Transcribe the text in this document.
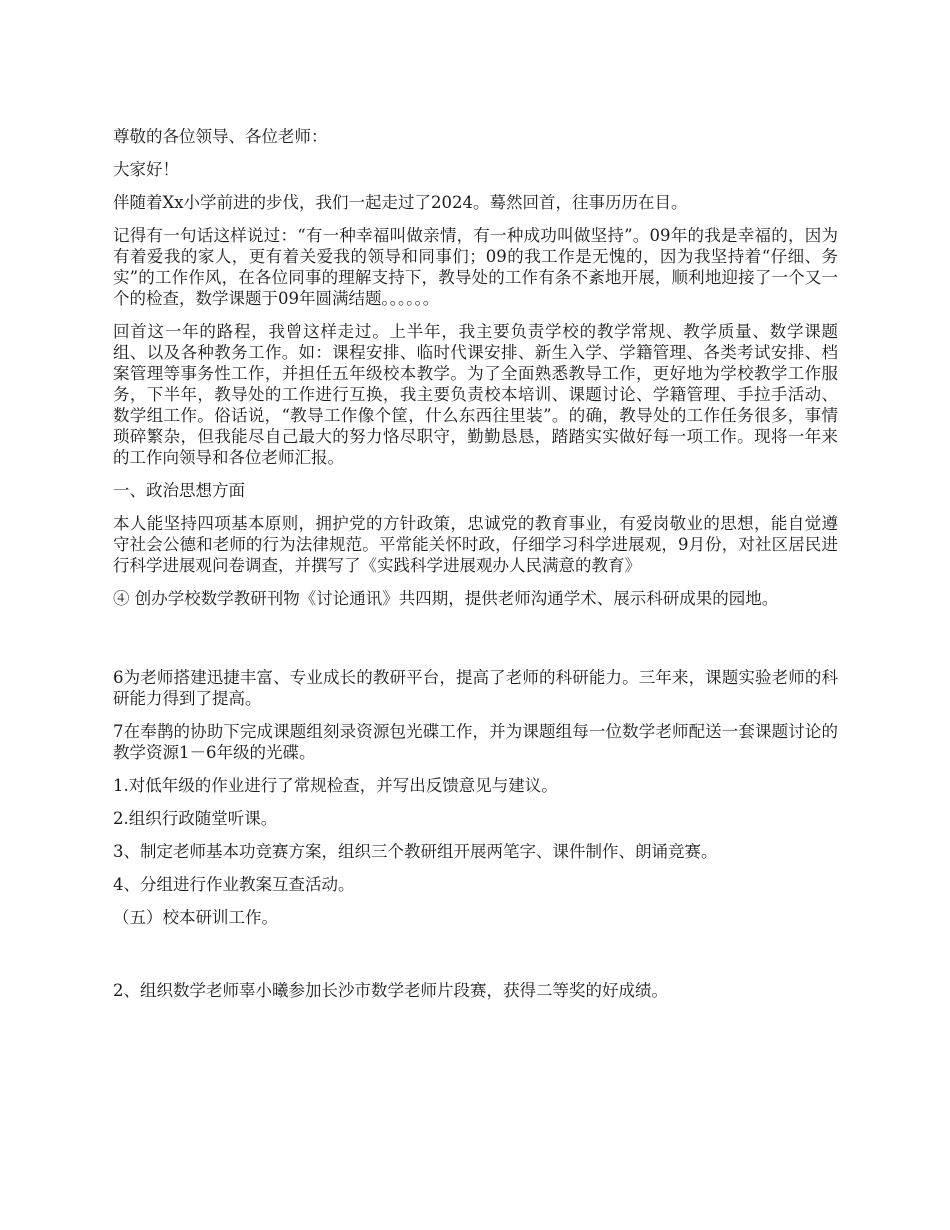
尊敬的各位领导、各位老师：

大家好！

伴随着Xx小学前进的步伐，我们一起走过了2024。蓦然回首，往事历历在目。

记得有一句话这样说过：“有一种幸福叫做亲情，有一种成功叫做坚持”。09年的我是幸福的，因为有着爱我的家人，更有着关爱我的领导和同事们；09的我工作是无愧的，因为我坚持着“仔细、务实”的工作作风，在各位同事的理解支持下，教导处的工作有条不紊地开展，顺利地迎接了一个又一个的检查，数学课题于09年圆满结题。。。。。。

回首这一年的路程，我曾这样走过。上半年，我主要负责学校的教学常规、教学质量、数学课题组、以及各种教务工作。如：课程安排、临时代课安排、新生入学、学籍管理、各类考试安排、档案管理等事务性工作，并担任五年级校本教学。为了全面熟悉教导工作，更好地为学校教学工作服务，下半年，教导处的工作进行互换，我主要负责校本培训、课题讨论、学籍管理、手拉手活动、数学组工作。俗话说，“教导工作像个筐，什么东西往里装”。的确，教导处的工作任务很多，事情琐碎繁杂，但我能尽自己最大的努力恪尽职守，勤勤恳恳，踏踏实实做好每一项工作。现将一年来的工作向领导和各位老师汇报。

一、政治思想方面

本人能坚持四项基本原则，拥护党的方针政策，忠诚党的教育事业，有爱岗敬业的思想，能自觉遵守社会公德和老师的行为法律规范。平常能关怀时政，仔细学习科学进展观，9月份，对社区居民进行科学进展观问卷调查，并撰写了《实践科学进展观办人民满意的教育》

④ 创办学校数学教研刊物《讨论通讯》共四期，提供老师沟通学术、展示科研成果的园地。

6为老师搭建迅捷丰富、专业成长的教研平台，提高了老师的科研能力。三年来，课题实验老师的科研能力得到了提高。

7在奉鹊的协助下完成课题组刻录资源包光碟工作，并为课题组每一位数学老师配送一套课题讨论的教学资源1－6年级的光碟。

1.对低年级的作业进行了常规检查，并写出反馈意见与建议。

2.组织行政随堂听课。

3、制定老师基本功竞赛方案，组织三个教研组开展两笔字、课件制作、朗诵竞赛。

4、分组进行作业教案互查活动。

（五）校本研训工作。

2、组织数学老师辜小曦参加长沙市数学老师片段赛，获得二等奖的好成绩。
